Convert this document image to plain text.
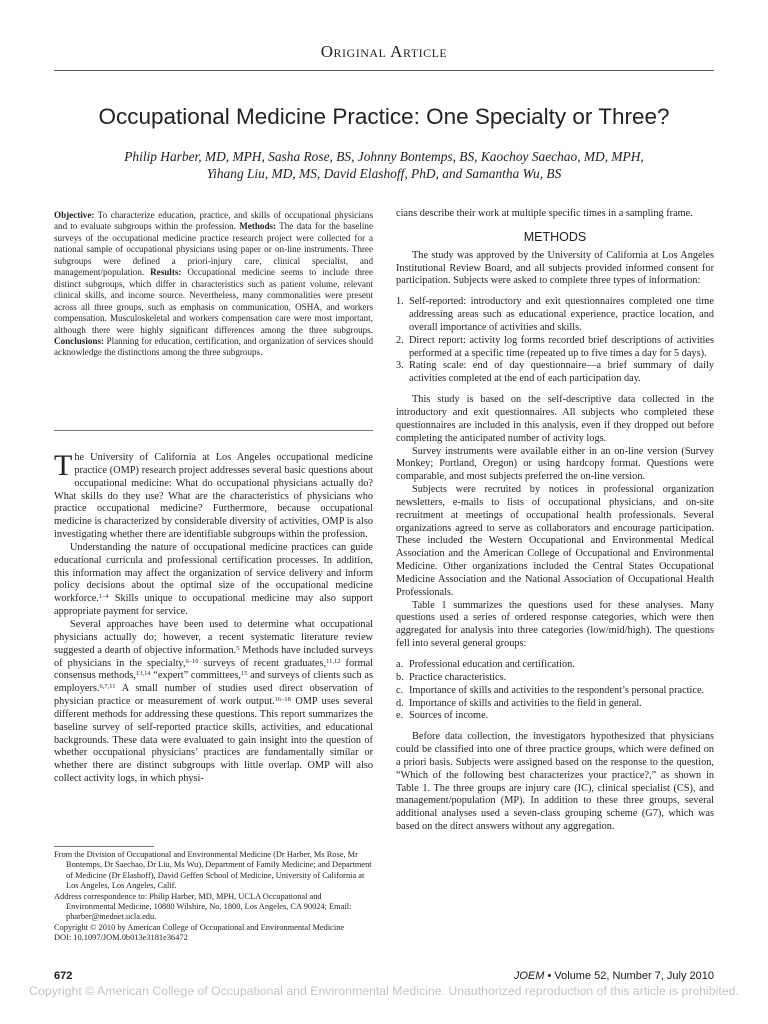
Original Article
Occupational Medicine Practice: One Specialty or Three?
Philip Harber, MD, MPH, Sasha Rose, BS, Johnny Bontemps, BS, Kaochoy Saechao, MD, MPH,
Yihang Liu, MD, MS, David Elashoff, PhD, and Samantha Wu, BS
Objective: To characterize education, practice, and skills of occupational physicians and to evaluate subgroups within the profession. Methods: The data for the baseline surveys of the occupational medicine practice research project were collected for a national sample of occupational physicians using paper or on-line instruments. Three subgroups were defined a priori-injury care, clinical specialist, and management/population. Results: Occupational medicine seems to include three distinct subgroups, which differ in characteristics such as patient volume, relevant clinical skills, and income source. Nevertheless, many commonalities were present across all three groups, such as emphasis on communication, OSHA, and workers compensation. Musculoskeletal and workers compensation care were most important, although there were highly significant differences among the three subgroups. Conclusions: Planning for education, certification, and organization of services should acknowledge the distinctions among the three subgroups.

The University of California at Los Angeles occupational medicine practice (OMP) research project addresses several basic questions about occupational medicine: What do occupational physicians actually do? What skills do they use? What are the characteristics of physicians who practice occupational medicine? Furthermore, because occupational medicine is characterized by considerable diversity of activities, OMP is also investigating whether there are identifiable subgroups within the profession.

Understanding the nature of occupational medicine practices can guide educational curricula and professional certification processes. In addition, this information may affect the organization of service delivery and inform policy decisions about the optimal size of the occupational medicine workforce.$^{1-4}$ Skills unique to occupational medicine may also support appropriate payment for service.

Several approaches have been used to determine what occupational physicians actually do; however, a recent systematic literature review suggested a dearth of objective information.$^5$ Methods have included surveys of physicians in the specialty,$^{6-10}$ surveys of recent graduates,$^{11,12}$ formal consensus methods,$^{13,14}$ “expert” committees,$^{15}$ and surveys of clients such as employers.$^{6,7,11}$ A small number of studies used direct observation of physician practice or measurement of work output.$^{16-18}$ OMP uses several different methods for addressing these questions. This report summarizes the baseline survey of self-reported practice skills, activities, and educational backgrounds. These data were evaluated to gain insight into the question of whether occupational physicians’ practices are fundamentally similar or whether there are distinct subgroups with little overlap. OMP will also collect activity logs, in which physi-

From the Division of Occupational and Environmental Medicine (Dr Harber, Ms Rose, Mr Bontemps, Dr Saechao, Dr Liu, Ms Wu), Department of Family Medicine; and Department of Medicine (Dr Elashoff), David Geffen School of Medicine, University of California at Los Angeles, Los Angeles, Calif.

Address correspondence to: Philip Harber, MD, MPH, UCLA Occupational and Environmental Medicine, 10880 Wilshire, No. 1800, Los Angeles, CA 90024; Email: pharber@mednet.ucla.edu.

Copyright © 2010 by American College of Occupational and Environmental Medicine

DOI: 10.1097/JOM.0b013e3181e36472

cians describe their work at multiple specific times in a sampling frame.

METHODS

The study was approved by the University of California at Los Angeles Institutional Review Board, and all subjects provided informed consent for participation. Subjects were asked to complete three types of information:

1. Self-reported: introductory and exit questionnaires completed one time addressing areas such as educational experience, practice location, and overall importance of activities and skills.
2. Direct report: activity log forms recorded brief descriptions of activities performed at a specific time (repeated up to five times a day for 5 days).
3. Rating scale: end of day questionnaire—a brief summary of daily activities completed at the end of each participation day.

This study is based on the self-descriptive data collected in the introductory and exit questionnaires. All subjects who completed these questionnaires are included in this analysis, even if they dropped out before completing the anticipated number of activity logs.

Survey instruments were available either in an on-line version (Survey Monkey; Portland, Oregon) or using hardcopy format. Questions were comparable, and most subjects preferred the on-line version.

Subjects were recruited by notices in professional organization newsletters, e-mails to lists of occupational physicians, and on-site recruitment at meetings of occupational health professionals. Several organizations agreed to serve as collaborators and encourage participation. These included the Western Occupational and Environmental Medical Association and the American College of Occupational and Environmental Medicine. Other organizations included the Central States Occupational Medicine Association and the National Association of Occupational Health Professionals.

Table 1 summarizes the questions used for these analyses. Many questions used a series of ordered response categories, which were then aggregated for analysis into three categories (low/mid/high). The questions fell into several general groups:

a. Professional education and certification.
b. Practice characteristics.
c. Importance of skills and activities to the respondent’s personal practice.
d. Importance of skills and activities to the field in general.
e. Sources of income.

Before data collection, the investigators hypothesized that physicians could be classified into one of three practice groups, which were defined on a priori basis. Subjects were assigned based on the response to the question, “Which of the following best characterizes your practice?,” as shown in Table 1. The three groups are injury care (IC), clinical specialist (CS), and management/population (MP). In addition to these three groups, several additional analyses used a seven-class grouping scheme (G7), which was based on the direct answers without any aggregation.

672	JOEM • Volume 52, Number 7, July 2010
Copyright © American College of Occupational and Environmental Medicine. Unauthorized reproduction of this article is prohibited.
